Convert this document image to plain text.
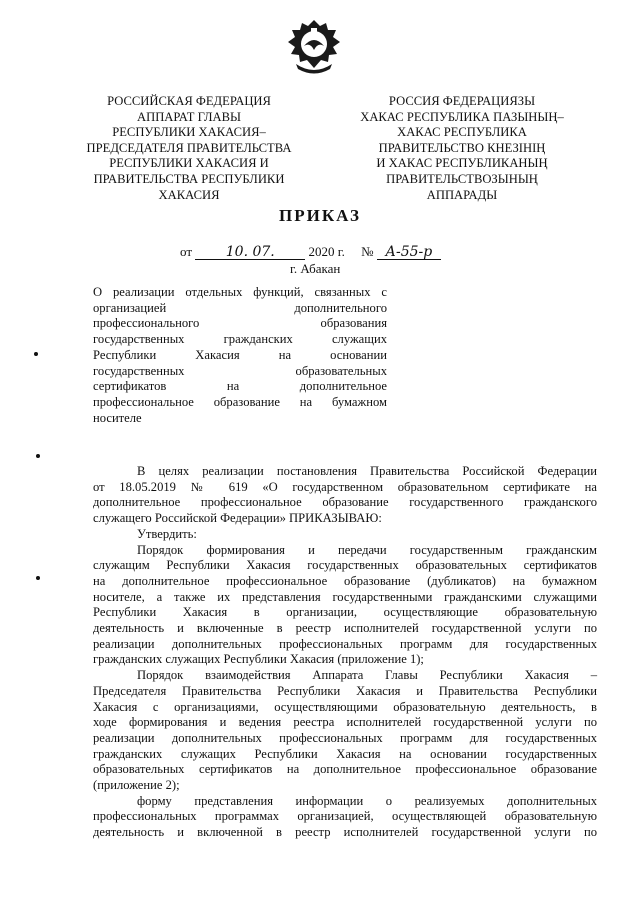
РОССИЙСКАЯ ФЕДЕРАЦИЯ
АППАРАТ ГЛАВЫ
РЕСПУБЛИКИ ХАКАСИЯ–
ПРЕДСЕДАТЕЛЯ ПРАВИТЕЛЬСТВА
РЕСПУБЛИКИ ХАКАСИЯ И
ПРАВИТЕЛЬСТВА РЕСПУБЛИКИ
ХАКАСИЯ
РОССИЯ ФЕДЕРАЦИЯЗЫ
ХАКАС РЕСПУБЛИКА ПАЗЫНЫҢ–
ХАКАС РЕСПУБЛИКА
ПРАВИТЕЛЬСТВО КНЕЗІНІҢ
И ХАКАС РЕСПУБЛИКАНЫҢ
ПРАВИТЕЛЬСТВОЗЫНЫҢ
АППАРАДЫ
ПРИКАЗ
от 10. 07.	2020 г. № А-55-р
г. Абакан
О реализации отдельных функций, связанных с
организацией дополнительного
профессионального образования
государственных гражданских служащих
Республики Хакасия на основании
государственных образовательных
сертификатов на дополнительное
профессиональное образование на бумажном
носителе
В целях реализации постановления Правительства Российской Федерации
от 18.05.2019 № 619 «О государственном образовательном сертификате на
дополнительное профессиональное образование государственного гражданского
служащего Российской Федерации» ПРИКАЗЫВАЮ:
Утвердить:
Порядок формирования и передачи государственным гражданским
служащим Республики Хакасия государственных образовательных сертификатов
на дополнительное профессиональное образование (дубликатов) на бумажном
носителе, а также их представления государственными гражданскими служащими
Республики Хакасия в организации, осуществляющие образовательную
деятельность и включенные в реестр исполнителей государственной услуги по
реализации дополнительных профессиональных программ для государственных
гражданских служащих Республики Хакасия (приложение 1);
Порядок взаимодействия Аппарата Главы Республики Хакасия –
Председателя Правительства Республики Хакасия и Правительства Республики
Хакасия с организациями, осуществляющими образовательную деятельность, в
ходе формирования и ведения реестра исполнителей государственной услуги по
реализации дополнительных профессиональных программ для государственных
гражданских служащих Республики Хакасия на основании государственных
образовательных сертификатов на дополнительное профессиональное образование
(приложение 2);
форму представления информации о реализуемых дополнительных
профессиональных программах организацией, осуществляющей образовательную
деятельность и включенной в реестр исполнителей государственной услуги по
